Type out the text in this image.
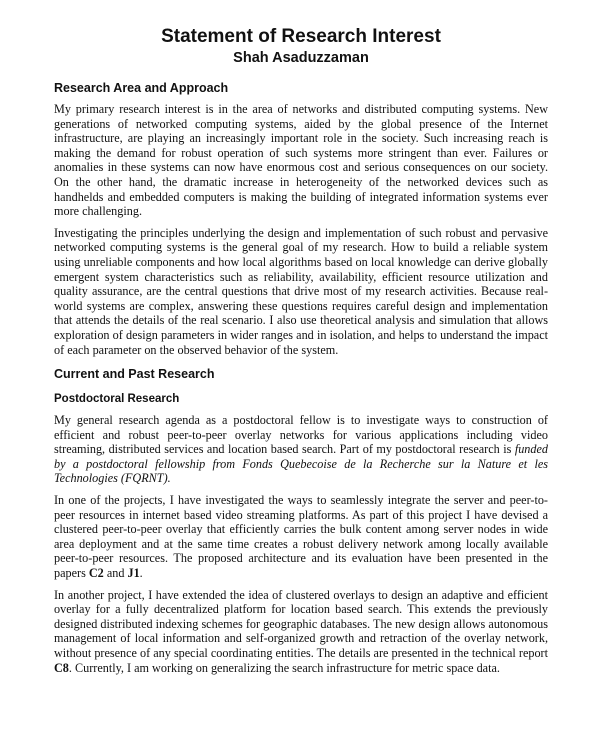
Statement of Research Interest
Shah Asaduzzaman
Research Area and Approach

My primary research interest is in the area of networks and distributed computing systems. New generations of networked computing systems, aided by the global presence of the Internet infrastructure, are playing an increasingly important role in the society. Such increasing reach is making the demand for robust operation of such systems more stringent than ever. Failures or anomalies in these systems can now have enormous cost and serious consequences on our society. On the other hand, the dramatic increase in heterogeneity of the networked devices such as handhelds and embedded computers is making the building of integrated information systems ever more challenging.

Investigating the principles underlying the design and implementation of such robust and pervasive networked computing systems is the general goal of my research. How to build a reliable system using unreliable components and how local algorithms based on local knowledge can derive globally emergent system characteristics such as reliability, availability, efficient resource utilization and quality assurance, are the central questions that drive most of my research activities. Because real-world systems are complex, answering these questions requires careful design and implementation that attends the details of the real scenario. I also use theoretical analysis and simulation that allows exploration of design parameters in wider ranges and in isolation, and helps to understand the impact of each parameter on the observed behavior of the system.

Current and Past Research
Postdoctoral Research

My general research agenda as a postdoctoral fellow is to investigate ways to construction of efficient and robust peer-to-peer overlay networks for various applications including video streaming, distributed services and location based search. Part of my postdoctoral research is funded by a postdoctoral fellowship from Fonds Quebecoise de la Recherche sur la Nature et les Technologies (FQRNT).

In one of the projects, I have investigated the ways to seamlessly integrate the server and peer-to-peer resources in internet based video streaming platforms. As part of this project I have devised a clustered peer-to-peer overlay that efficiently carries the bulk content among server nodes in wide area deployment and at the same time creates a robust delivery network among locally available peer-to-peer resources. The proposed architecture and its evaluation have been presented in the papers C2 and J1.

In another project, I have extended the idea of clustered overlays to design an adaptive and efficient overlay for a fully decentralized platform for location based search. This extends the previously designed distributed indexing schemes for geographic databases. The new design allows autonomous management of local information and self-organized growth and retraction of the overlay network, without presence of any special coordinating entities. The details are presented in the technical report C8. Currently, I am working on generalizing the search infrastructure for metric space data.
